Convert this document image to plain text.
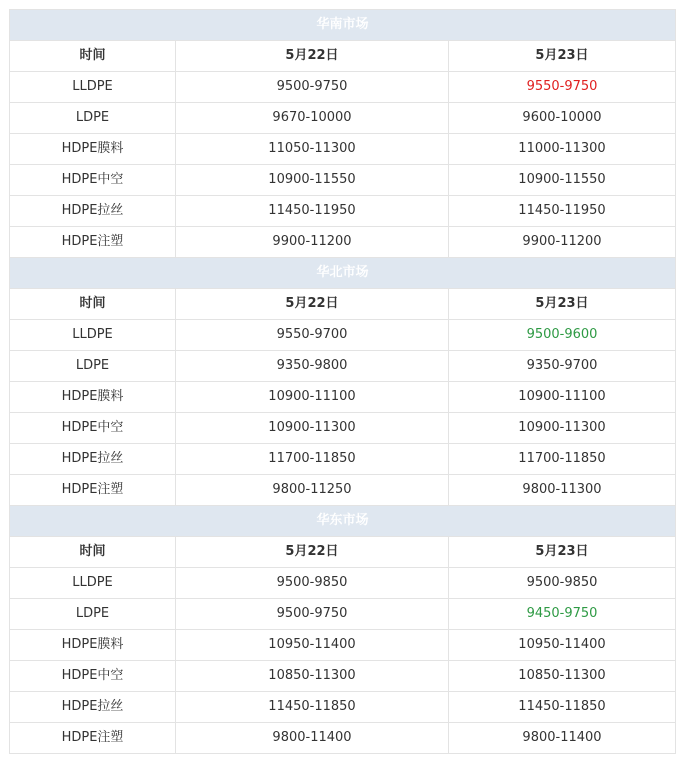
华南市场		
时间	5月22日	5月23日
LLDPE	9500-9750	9550-9750
LDPE	9670-10000	9600-10000
HDPE膜料	11050-11300	11000-11300
HDPE中空	10900-11550	10900-11550
HDPE拉丝	11450-11950	11450-11950
HDPE注塑	9900-11200	9900-11200
华北市场		
时间	5月22日	5月23日
LLDPE	9550-9700	9500-9600
LDPE	9350-9800	9350-9700
HDPE膜料	10900-11100	10900-11100
HDPE中空	10900-11300	10900-11300
HDPE拉丝	11700-11850	11700-11850
HDPE注塑	9800-11250	9800-11300
华东市场		
时间	5月22日	5月23日
LLDPE	9500-9850	9500-9850
LDPE	9500-9750	9450-9750
HDPE膜料	10950-11400	10950-11400
HDPE中空	10850-11300	10850-11300
HDPE拉丝	11450-11850	11450-11850
HDPE注塑	9800-11400	9800-11400
